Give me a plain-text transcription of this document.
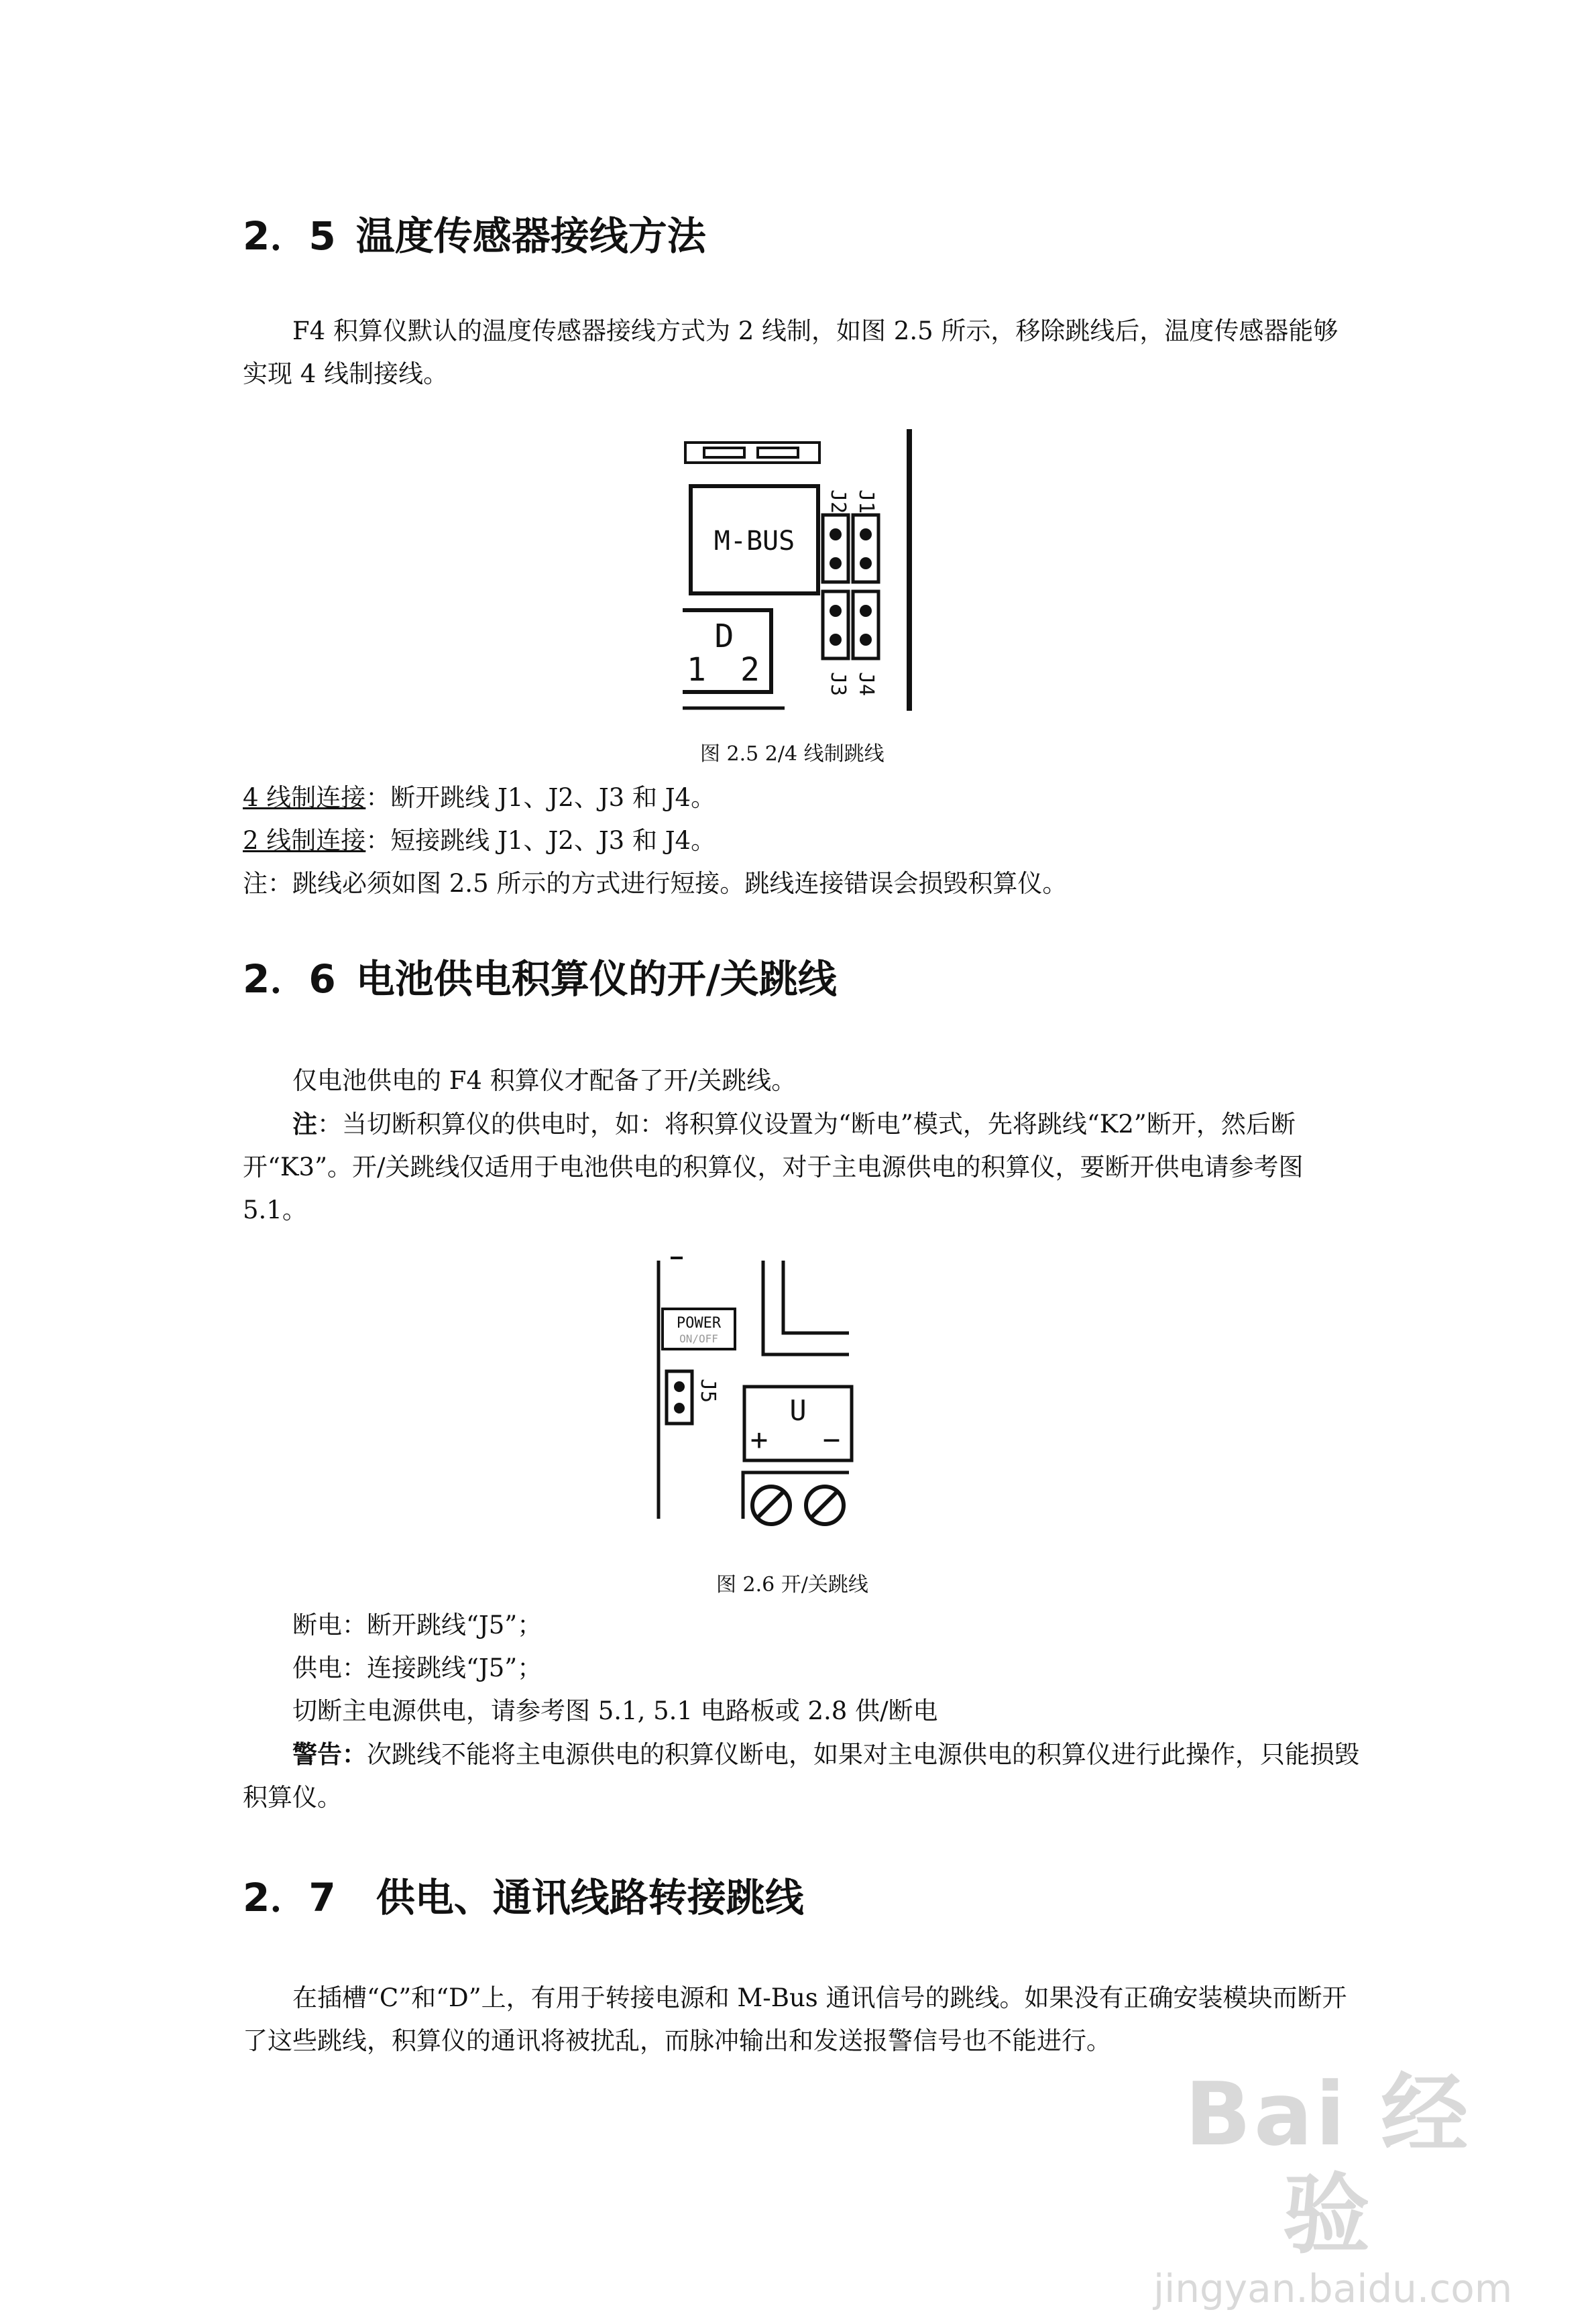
2．5 温度传感器接线方法

F4 积算仪默认的温度传感器接线方式为 2 线制，如图 2.5 所示，移除跳线后，温度传感器能够实现 4 线制接线。

M-BUS
J2 J1
J3 J4
D
1 2

图 2.5 2/4 线制跳线

4 线制连接：断开跳线 J1、J2、J3 和 J4。

2 线制连接：短接跳线 J1、J2、J3 和 J4。

注：跳线必须如图 2.5 所示的方式进行短接。跳线连接错误会损毁积算仪。

2．6 电池供电积算仪的开/关跳线

仅电池供电的 F4 积算仪才配备了开/关跳线。

注：当切断积算仪的供电时，如：将积算仪设置为“断电”模式，先将跳线“K2”断开，然后断开“K3”。开/关跳线仅适用于电池供电的积算仪，对于主电源供电的积算仪，要断开供电请参考图 5.1。

POWER
ON/OFF
J5
U
+ −

图 2.6 开/关跳线

断电：断开跳线“J5”；

供电：连接跳线“J5”；

切断主电源供电，请参考图 5.1, 5.1 电路板或 2.8 供/断电

警告：次跳线不能将主电源供电的积算仪断电，如果对主电源供电的积算仪进行此操作，只能损毁积算仪。

2．7 供电、通讯线路转接跳线

在插槽“C”和“D”上，有用于转接电源和 M-Bus 通讯信号的跳线。如果没有正确安装模块而断开了这些跳线，积算仪的通讯将被扰乱，而脉冲输出和发送报警信号也不能进行。

Bai 经验
jingyan.baidu.com
